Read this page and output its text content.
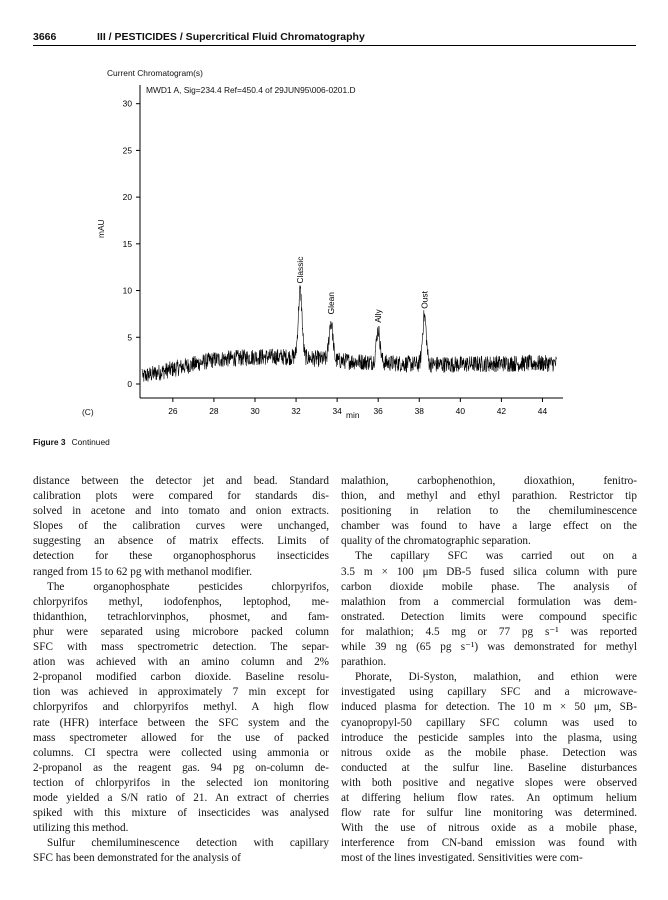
3666	III / PESTICIDES / Supercritical Fluid Chromatography
Current Chromatogram(s)
MWD1 A, Sig=234.4 Ref=450.4 of 29JUN95\006-0201.D
mAU
min
(C)
0
5
10
15
20
25
30
26	28	30	32	34	36	38	40	42	44
Classic
Glean
Ally
Oust
Figure 3 Continued
distance between the detector jet and bead. Standard
calibration plots were compared for standards dis-
solved in acetone and into tomato and onion extracts.
Slopes of the calibration curves were unchanged,
suggesting an absence of matrix effects. Limits of
detection for these organophosphorus insecticides
ranged from 15 to 62 pg with methanol modifier.
The organophosphate pesticides chlorpyrifos,
chlorpyrifos methyl, iodofenphos, leptophod, me-
thidanthion, tetrachlorvinphos, phosmet, and fam-
phur were separated using microbore packed column
SFC with mass spectrometric detection. The separ-
ation was achieved with an amino column and 2%
2-propanol modified carbon dioxide. Baseline resolu-
tion was achieved in approximately 7 min except for
chlorpyrifos and chlorpyrifos methyl. A high flow
rate (HFR) interface between the SFC system and the
mass spectrometer allowed for the use of packed
columns. CI spectra were collected using ammonia or
2-propanol as the reagent gas. 94 pg on-column de-
tection of chlorpyrifos in the selected ion monitoring
mode yielded a S/N ratio of 21. An extract of cherries
spiked with this mixture of insecticides was analysed
utilizing this method.
Sulfur chemiluminescence detection with capillary
SFC has been demonstrated for the analysis of
malathion, carbophenothion, dioxathion, fenitro-
thion, and methyl and ethyl parathion. Restrictor tip
positioning in relation to the chemiluminescence
chamber was found to have a large effect on the
quality of the chromatographic separation.
The capillary SFC was carried out on a
3.5 m × 100 μm DB-5 fused silica column with pure
carbon dioxide mobile phase. The analysis of
malathion from a commercial formulation was dem-
onstrated. Detection limits were compound specific
for malathion; 4.5 mg or 77 pg s⁻¹ was reported
while 39 ng (65 pg s⁻¹) was demonstrated for methyl
parathion.
Phorate, Di-Syston, malathion, and ethion were
investigated using capillary SFC and a microwave-
induced plasma for detection. The 10 m × 50 μm, SB-
cyanopropyl-50 capillary SFC column was used to
introduce the pesticide samples into the plasma, using
nitrous oxide as the mobile phase. Detection was
conducted at the sulfur line. Baseline disturbances
with both positive and negative slopes were observed
at differing helium flow rates. An optimum helium
flow rate for sulfur line monitoring was determined.
With the use of nitrous oxide as a mobile phase,
interference from CN-band emission was found with
most of the lines investigated. Sensitivities were com-
